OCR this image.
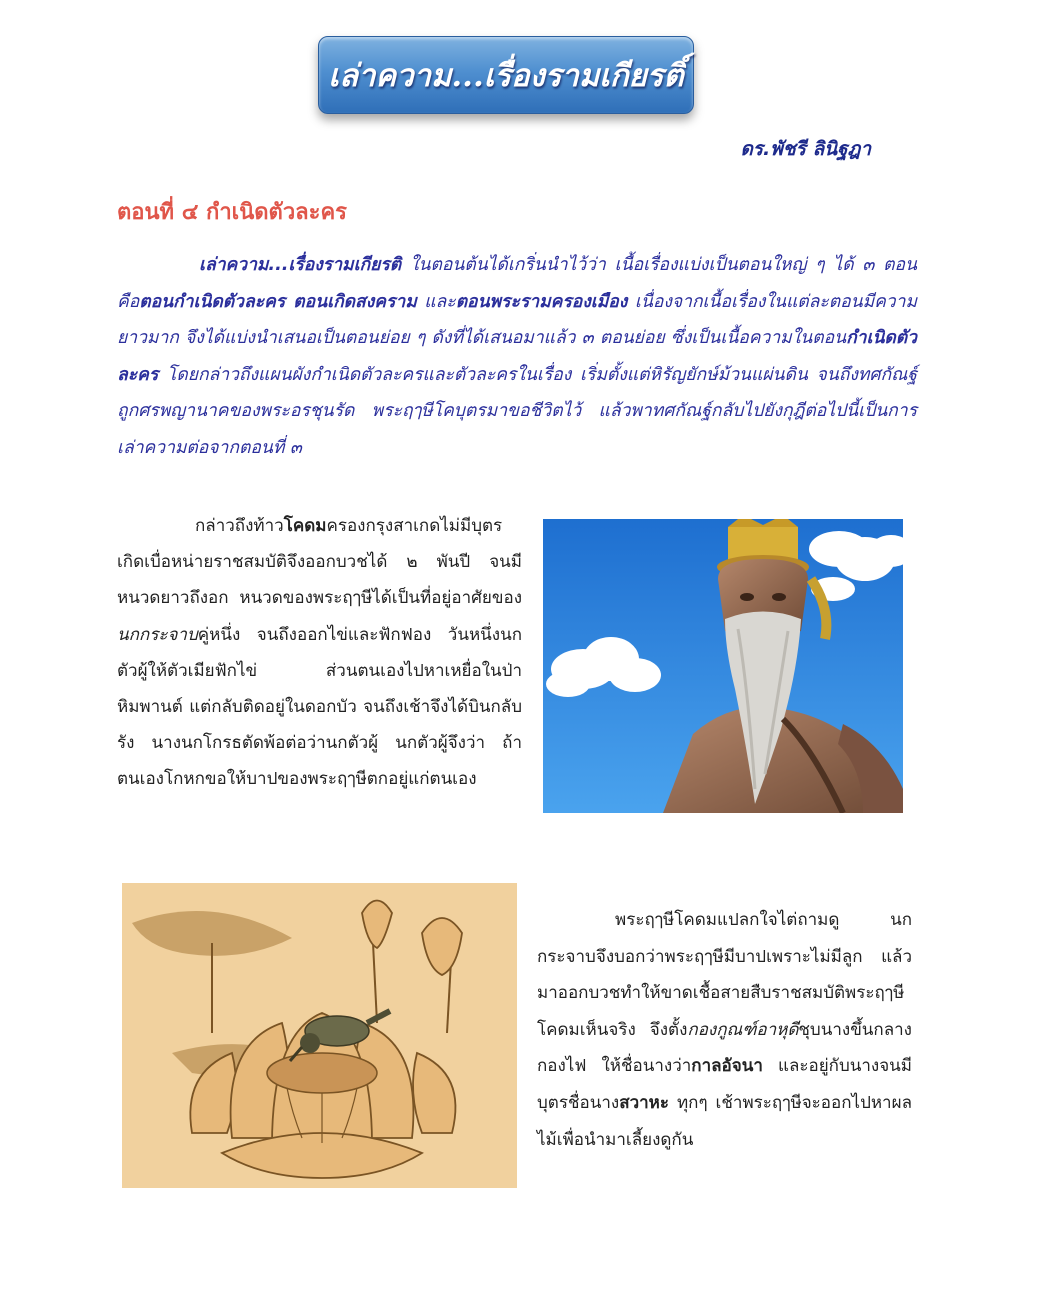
เล่าความ...เรื่องรามเกียรติ์
ดร.พัชรี ลินิฐฎา
ตอนที่ ๔ กำเนิดตัวละคร

เล่าความ...เรื่องรามเกียรติ ในตอนต้นได้เกริ่นนำไว้ว่า เนื้อเรื่องแบ่งเป็นตอนใหญ่ ๆ ได้ ๓ ตอน คือตอนกำเนิดตัวละคร ตอนเกิดสงคราม และตอนพระรามครองเมือง เนื่องจากเนื้อเรื่องในแต่ละตอนมีความยาวมาก จึงได้แบ่งนำเสนอเป็นตอนย่อย ๆ ดังที่ได้เสนอมาแล้ว ๓ ตอนย่อย ซึ่งเป็นเนื้อความในตอนกำเนิดตัวละคร โดยกล่าวถึงแผนผังกำเนิดตัวละครและตัวละครในเรื่อง เริ่มตั้งแต่หิรัญยักษ์ม้วนแผ่นดิน จนถึงทศกัณฐ์ถูกศรพญานาคของพระอรชุนรัด พระฤๅษีโคบุตรมาขอชีวิตไว้ แล้วพาทศกัณฐ์กลับไปยังกุฎีต่อไปนี้เป็นการเล่าความต่อจากตอนที่ ๓

กล่าวถึงท้าวโคดมครองกรุงสาเกดไม่มีบุตร เกิดเบื่อหน่ายราชสมบัติจึงออกบวชได้ ๒ พันปี จนมีหนวดยาวถึงอก หนวดของพระฤๅษีได้เป็นที่อยู่อาศัยของนกกระจาบคู่หนึ่ง จนถึงออกไข่และฟักฟอง วันหนึ่งนกตัวผู้ให้ตัวเมียฟักไข่ ส่วนตนเองไปหาเหยื่อในป่าหิมพานต์ แต่กลับติดอยู่ในดอกบัว จนถึงเช้าจึงได้บินกลับรัง นางนกโกรธตัดพ้อต่อว่านกตัวผู้ นกตัวผู้จึงว่า ถ้าตนเองโกหกขอให้บาปของพระฤๅษีตกอยู่แก่ตนเอง

พระฤๅษีโคดมแปลกใจไต่ถามดู นกกระจาบจึงบอกว่าพระฤๅษีมีบาปเพราะไม่มีลูก แล้วมาออกบวชทำให้ขาดเชื้อสายสืบราชสมบัติพระฤๅษีโคดมเห็นจริง จึงตั้งกองกูณฑ์อาหุดีชุบนางขึ้นกลางกองไฟ ให้ชื่อนางว่ากาลอัจนา และอยู่กับนางจนมีบุตรชื่อนางสวาหะ ทุกๆ เช้าพระฤๅษีจะออกไปหาผลไม้เพื่อนำมาเลี้ยงดูกัน
